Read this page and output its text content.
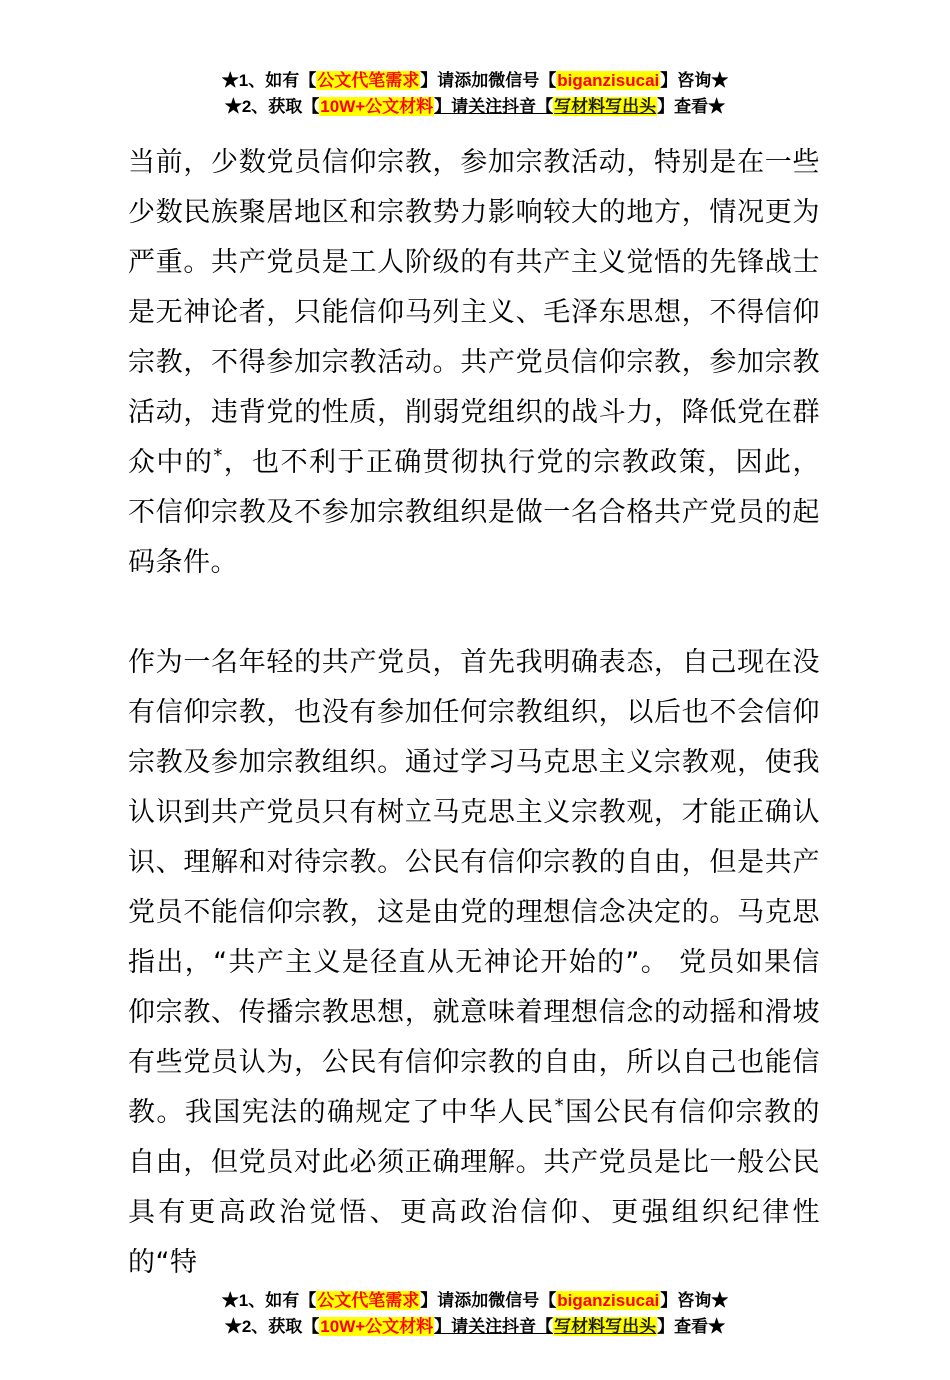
★1、如有【公文代笔需求】请添加微信号【biganzisucai】咨询★
★2、获取【10W+公文材料】请关注抖音【写材料写出头】查看★

当前，少数党员信仰宗教，参加宗教活动，特别是在一些少数民族聚居地区和宗教势力影响较大的地方，情况更为严重。共产党员是工人阶级的有共产主义觉悟的先锋战士是无神论者，只能信仰马列主义、毛泽东思想，不得信仰宗教，不得参加宗教活动。共产党员信仰宗教，参加宗教活动，违背党的性质，削弱党组织的战斗力，降低党在群众中的*，也不利于正确贯彻执行党的宗教政策，因此，不信仰宗教及不参加宗教组织是做一名合格共产党员的起码条件。

作为一名年轻的共产党员，首先我明确表态，自己现在没有信仰宗教，也没有参加任何宗教组织，以后也不会信仰宗教及参加宗教组织。通过学习马克思主义宗教观，使我认识到共产党员只有树立马克思主义宗教观，才能正确认识、理解和对待宗教。公民有信仰宗教的自由，但是共产党员不能信仰宗教，这是由党的理想信念决定的。马克思指出，“共产主义是径直从无神论开始的”。 党员如果信仰宗教、传播宗教思想，就意味着理想信念的动摇和滑坡有些党员认为，公民有信仰宗教的自由，所以自己也能信教。我国宪法的确规定了中华人民*国公民有信仰宗教的自由，但党员对此必须正确理解。共产党员是比一般公民具有更高政治觉悟、更高政治信仰、更强组织纪律性的“特

★1、如有【公文代笔需求】请添加微信号【biganzisucai】咨询★
★2、获取【10W+公文材料】请关注抖音【写材料写出头】查看★
